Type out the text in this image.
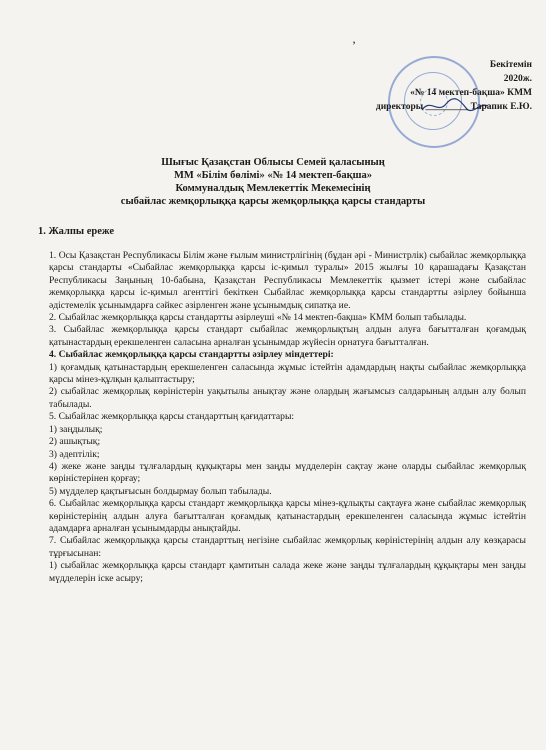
’
Бекітемін
2020ж.
«№ 14 мектеп-бақша» КММ
директоры _________ Тарапик Е.Ю.
Шығыс Қазақстан Облысы Семей қаласының
ММ «Білім бөлімі» «№ 14 мектеп-бақша»
Коммуналдық Мемлекеттік Мекемесінің
сыбайлас жемқорлыққа қарсы жемқорлыққа қарсы стандарты
1. Жалпы ереже

1. Осы Қазақстан Республикасы Білім және ғылым министрлігінің (бұдан әрі - Министрлік) сыбайлас жемқорлыққа қарсы стандарты «Сыбайлас жемқорлыққа қарсы іс-қимыл туралы» 2015 жылғы 10 қарашадағы Қазақстан Республикасы Заңының 10-бабына, Қазақстан Республикасы Мемлекеттік қызмет істері және сыбайлас жемқорлыққа қарсы іс-қимыл агенттігі бекіткен Сыбайлас жемқорлыққа қарсы стандартты әзірлеу бойынша әдістемелік ұсынымдарға сәйкес әзірленген және ұсынымдық сипатқа ие.

2. Сыбайлас жемқорлыққа қарсы стандартты әзірлеуші «№ 14 мектеп-бақша» КММ болып табылады.

3. Сыбайлас жемқорлыққа қарсы стандарт сыбайлас жемқорлықтың алдын алуға бағытталған қоғамдық қатынастардың ерекшеленген саласына арналған ұсынымдар жүйесін орнатуға бағытталған.

4. Сыбайлас жемқорлыққа қарсы стандартты әзірлеу міндеттері:

1) қоғамдық қатынастардың ерекшеленген саласында жұмыс істейтін адамдардың нақты сыбайлас жемқорлыққа қарсы мінез-құлқын қалыптастыру;

2) сыбайлас жемқорлық көріністерін уақытылы анықтау және олардың жағымсыз салдарының алдын алу болып табылады.

5. Сыбайлас жемқорлыққа қарсы стандарттың қағидаттары:

1) заңдылық;

2) ашықтық;

3) әдептілік;

4) жеке және заңды тұлғалардың құқықтары мен заңды мүдделерін сақтау және оларды сыбайлас жемқорлық көріністерінен қорғау;

5) мүдделер қақтығысын болдырмау болып табылады.

6. Сыбайлас жемқорлыққа қарсы стандарт жемқорлыққа қарсы мінез-құлықты сақтауға және сыбайлас жемқорлық көріністерінің алдын алуға бағытталған қоғамдық қатынастардың ерекшеленген саласында жұмыс істейтін адамдарға арналған ұсынымдарды анықтайды.

7. Сыбайлас жемқорлыққа қарсы стандарттың негізіне сыбайлас жемқорлық көріністерінің алдын алу көзқарасы тұрғысынан:

1) сыбайлас жемқорлыққа қарсы стандарт қамтитын салада жеке және заңды тұлғалардың құқықтары мен заңды мүдделерін іске асыру;
